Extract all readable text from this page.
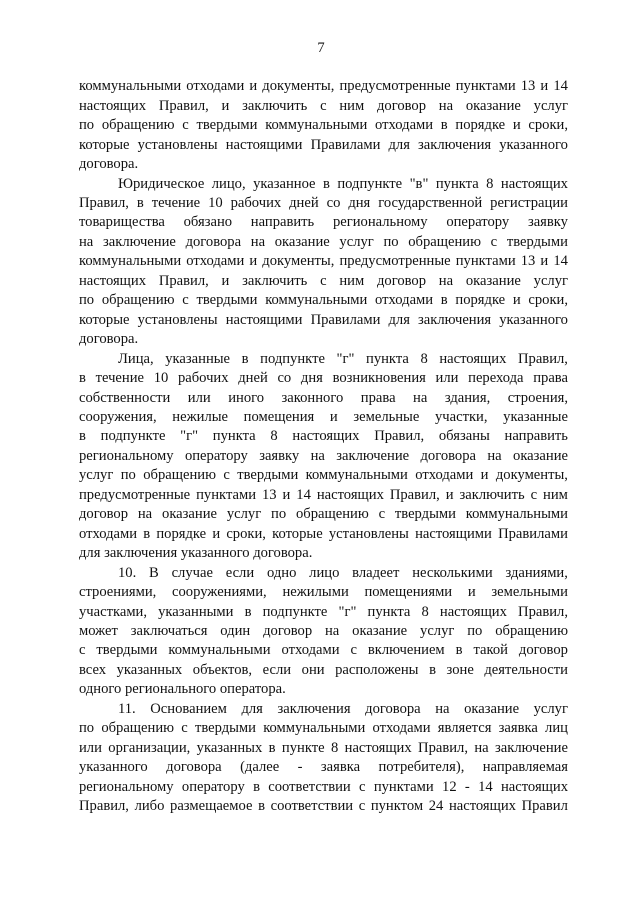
7
коммунальными отходами и документы, предусмотренные пунктами 13 и 14
настоящих Правил, и заключить с ним договор на оказание услуг
по обращению с твердыми коммунальными отходами в порядке и сроки,
которые установлены настоящими Правилами для заключения указанного
договора.
Юридическое лицо, указанное в подпункте "в" пункта 8 настоящих
Правил, в течение 10 рабочих дней со дня государственной регистрации
товарищества обязано направить региональному оператору заявку
на заключение договора на оказание услуг по обращению с твердыми
коммунальными отходами и документы, предусмотренные пунктами 13 и 14
настоящих Правил, и заключить с ним договор на оказание услуг
по обращению с твердыми коммунальными отходами в порядке и сроки,
которые установлены настоящими Правилами для заключения указанного
договора.
Лица, указанные в подпункте "г" пункта 8 настоящих Правил,
в течение 10 рабочих дней со дня возникновения или перехода права
собственности или иного законного права на здания, строения,
сооружения, нежилые помещения и земельные участки, указанные
в подпункте "г" пункта 8 настоящих Правил, обязаны направить
региональному оператору заявку на заключение договора на оказание
услуг по обращению с твердыми коммунальными отходами и документы,
предусмотренные пунктами 13 и 14 настоящих Правил, и заключить с ним
договор на оказание услуг по обращению с твердыми коммунальными
отходами в порядке и сроки, которые установлены настоящими Правилами
для заключения указанного договора.
10. В случае если одно лицо владеет несколькими зданиями,
строениями, сооружениями, нежилыми помещениями и земельными
участками, указанными в подпункте "г" пункта 8 настоящих Правил,
может заключаться один договор на оказание услуг по обращению
с твердыми коммунальными отходами с включением в такой договор
всех указанных объектов, если они расположены в зоне деятельности
одного регионального оператора.
11. Основанием для заключения договора на оказание услуг
по обращению с твердыми коммунальными отходами является заявка лиц
или организации, указанных в пункте 8 настоящих Правил, на заключение
указанного договора (далее - заявка потребителя), направляемая
региональному оператору в соответствии с пунктами 12 - 14 настоящих
Правил, либо размещаемое в соответствии с пунктом 24 настоящих Правил
